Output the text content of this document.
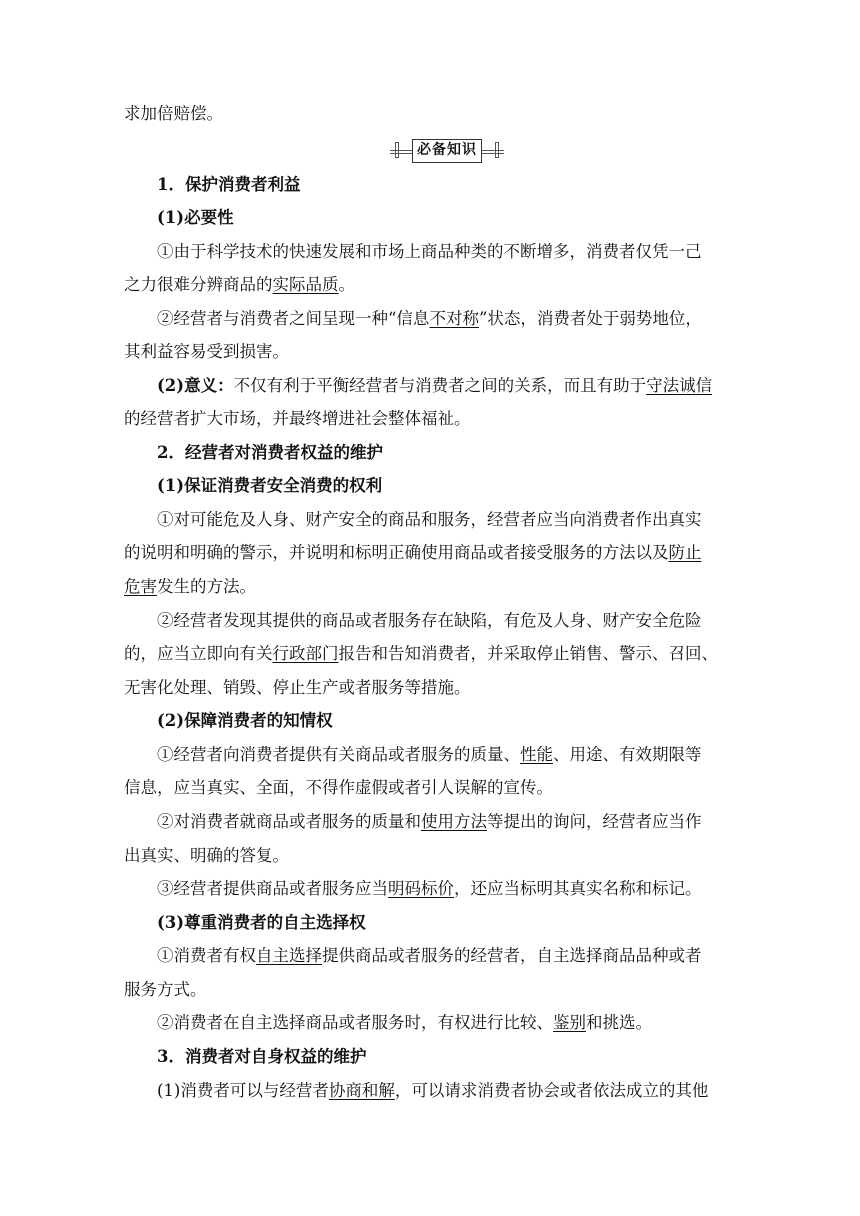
求加倍赔偿。
必备知识
1．保护消费者利益
(1)必要性
①由于科学技术的快速发展和市场上商品种类的不断增多，消费者仅凭一己
之力很难分辨商品的实际品质。
②经营者与消费者之间呈现一种“信息不对称”状态，消费者处于弱势地位，
其利益容易受到损害。
(2)意义：不仅有利于平衡经营者与消费者之间的关系，而且有助于守法诚信
的经营者扩大市场，并最终增进社会整体福祉。
2．经营者对消费者权益的维护
(1)保证消费者安全消费的权利
①对可能危及人身、财产安全的商品和服务，经营者应当向消费者作出真实
的说明和明确的警示，并说明和标明正确使用商品或者接受服务的方法以及防止
危害发生的方法。
②经营者发现其提供的商品或者服务存在缺陷，有危及人身、财产安全危险
的，应当立即向有关行政部门报告和告知消费者，并采取停止销售、警示、召回、
无害化处理、销毁、停止生产或者服务等措施。
(2)保障消费者的知情权
①经营者向消费者提供有关商品或者服务的质量、性能、用途、有效期限等
信息，应当真实、全面，不得作虚假或者引人误解的宣传。
②对消费者就商品或者服务的质量和使用方法等提出的询问，经营者应当作
出真实、明确的答复。
③经营者提供商品或者服务应当明码标价，还应当标明其真实名称和标记。
(3)尊重消费者的自主选择权
①消费者有权自主选择提供商品或者服务的经营者，自主选择商品品种或者
服务方式。
②消费者在自主选择商品或者服务时，有权进行比较、鉴别和挑选。
3．消费者对自身权益的维护
(1)消费者可以与经营者协商和解，可以请求消费者协会或者依法成立的其他
